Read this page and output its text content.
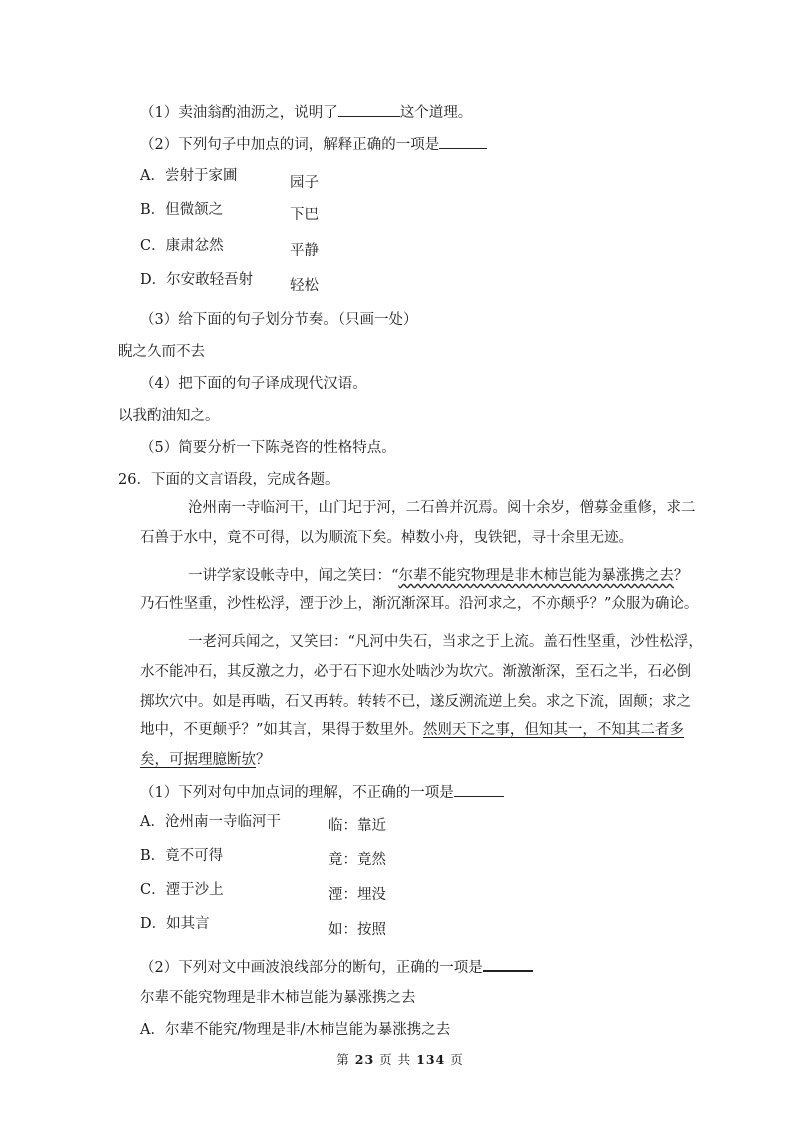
（1）卖油翁酌油沥之，说明了	这个道理。
（2）下列句子中加点的词，解释正确的一项是
A．尝射于家圃	园子
B．但微颔之	下巴
C．康肃忿然	平静
D．尔安敢轻吾射	轻松
（3）给下面的句子划分节奏。（只画一处）
睨之久而不去
（4）把下面的句子译成现代汉语。
以我酌油知之。
（5）简要分析一下陈尧咨的性格特点。
26．下面的文言语段，完成各题。
沧州南一寺临河干，山门圮于河，二石兽并沉焉。阅十余岁，僧募金重修，求二
石兽于水中，竟不可得，以为顺流下矣。棹数小舟，曳铁钯，寻十余里无迹。
一讲学家设帐寺中，闻之笑曰：“尔辈不能究物理是非木柿岂能为暴涨携之去？
乃石性坚重，沙性松浮，湮于沙上，渐沉渐深耳。沿河求之，不亦颠乎？”众服为确论。
一老河兵闻之，又笑曰：“凡河中失石，当求之于上流。盖石性坚重，沙性松浮，
水不能冲石，其反激之力，必于石下迎水处啮沙为坎穴。渐激渐深，至石之半，石必倒
掷坎穴中。如是再啮，石又再转。转转不已，遂反溯流逆上矣。求之下流，固颠；求之
地中，不更颠乎？”如其言，果得于数里外。然则天下之事，但知其一，不知其二者多
矣，可据理臆断欤？
（1）下列对句中加点词的理解，不正确的一项是
A．沧州南一寺临河干	临：靠近
B．竟不可得	竟：竟然
C．湮于沙上	湮：埋没
D．如其言	如：按照
（2）下列对文中画波浪线部分的断句，正确的一项是
尔辈不能究物理是非木柿岂能为暴涨携之去
A．尔辈不能究/物理是非/木柿岂能为暴涨携之去
第 23 页 共 134 页
